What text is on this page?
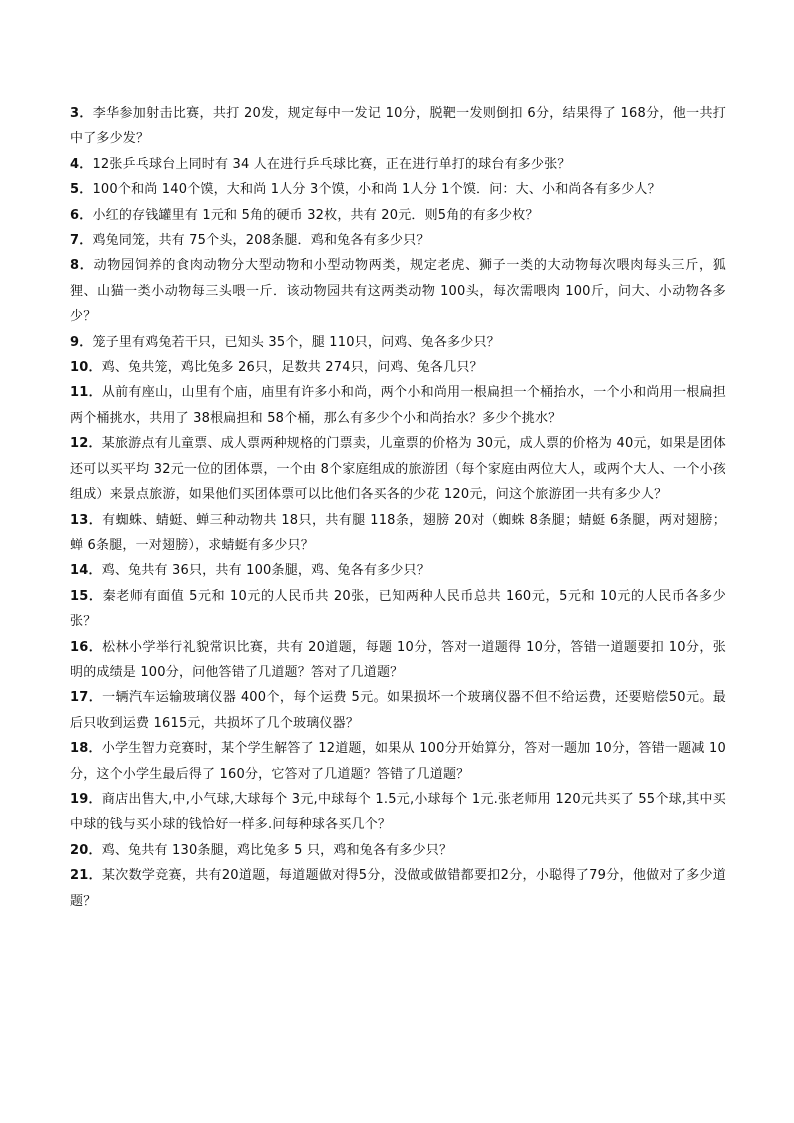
3．李华参加射击比赛，共打 20发，规定每中一发记 10分，脱靶一发则倒扣 6分，结果得了 168分，他一共打中了多少发？

4．12张乒乓球台上同时有 34 人在进行乒乓球比赛，正在进行单打的球台有多少张？

5．100个和尚 140个馍，大和尚 1人分 3个馍，小和尚 1人分 1个馍．问：大、小和尚各有多少人？

6．小红的存钱罐里有 1元和 5角的硬币 32枚，共有 20元．则5角的有多少枚？

7．鸡兔同笼，共有 75个头，208条腿．鸡和兔各有多少只？

8．动物园饲养的食肉动物分大型动物和小型动物两类，规定老虎、狮子一类的大动物每次喂肉每头三斤，狐狸、山猫一类小动物每三头喂一斤．该动物园共有这两类动物 100头，每次需喂肉 100斤，问大、小动物各多少？

9．笼子里有鸡兔若干只，已知头 35个，腿 110只，问鸡、兔各多少只？

10．鸡、兔共笼，鸡比兔多 26只，足数共 274只，问鸡、兔各几只？

11．从前有座山，山里有个庙，庙里有许多小和尚，两个小和尚用一根扁担一个桶抬水，一个小和尚用一根扁担两个桶挑水，共用了 38根扁担和 58个桶，那么有多少个小和尚抬水？多少个挑水？

12．某旅游点有儿童票、成人票两种规格的门票卖，儿童票的价格为 30元，成人票的价格为 40元，如果是团体还可以买平均 32元一位的团体票，一个由 8个家庭组成的旅游团（每个家庭由两位大人，或两个大人、一个小孩组成）来景点旅游，如果他们买团体票可以比他们各买各的少花 120元，问这个旅游团一共有多少人？

13．有蜘蛛、蜻蜓、蝉三种动物共 18只，共有腿 118条，翅膀 20对（蜘蛛 8条腿；蜻蜓 6条腿，两对翅膀；蝉 6条腿，一对翅膀），求蜻蜓有多少只？

14．鸡、兔共有 36只，共有 100条腿，鸡、兔各有多少只？

15．秦老师有面值 5元和 10元的人民币共 20张，已知两种人民币总共 160元，5元和 10元的人民币各多少张？

16．松林小学举行礼貌常识比赛，共有 20道题，每题 10分，答对一道题得 10分，答错一道题要扣 10分，张明的成绩是 100分，问他答错了几道题？答对了几道题？

17．一辆汽车运输玻璃仪器 400个，每个运费 5元。如果损坏一个玻璃仪器不但不给运费，还要赔偿50元。最后只收到运费 1615元，共损坏了几个玻璃仪器？

18．小学生智力竞赛时，某个学生解答了 12道题，如果从 100分开始算分，答对一题加 10分，答错一题减 10分，这个小学生最后得了 160分，它答对了几道题？答错了几道题？

19．商店出售大,中,小气球,大球每个 3元,中球每个 1.5元,小球每个 1元.张老师用 120元共买了 55个球,其中买中球的钱与买小球的钱恰好一样多.问每种球各买几个？

20．鸡、兔共有 130条腿，鸡比兔多 5 只，鸡和兔各有多少只？

21．某次数学竞赛，共有20道题，每道题做对得5分，没做或做错都要扣2分，小聪得了79分，他做对了多少道题？
